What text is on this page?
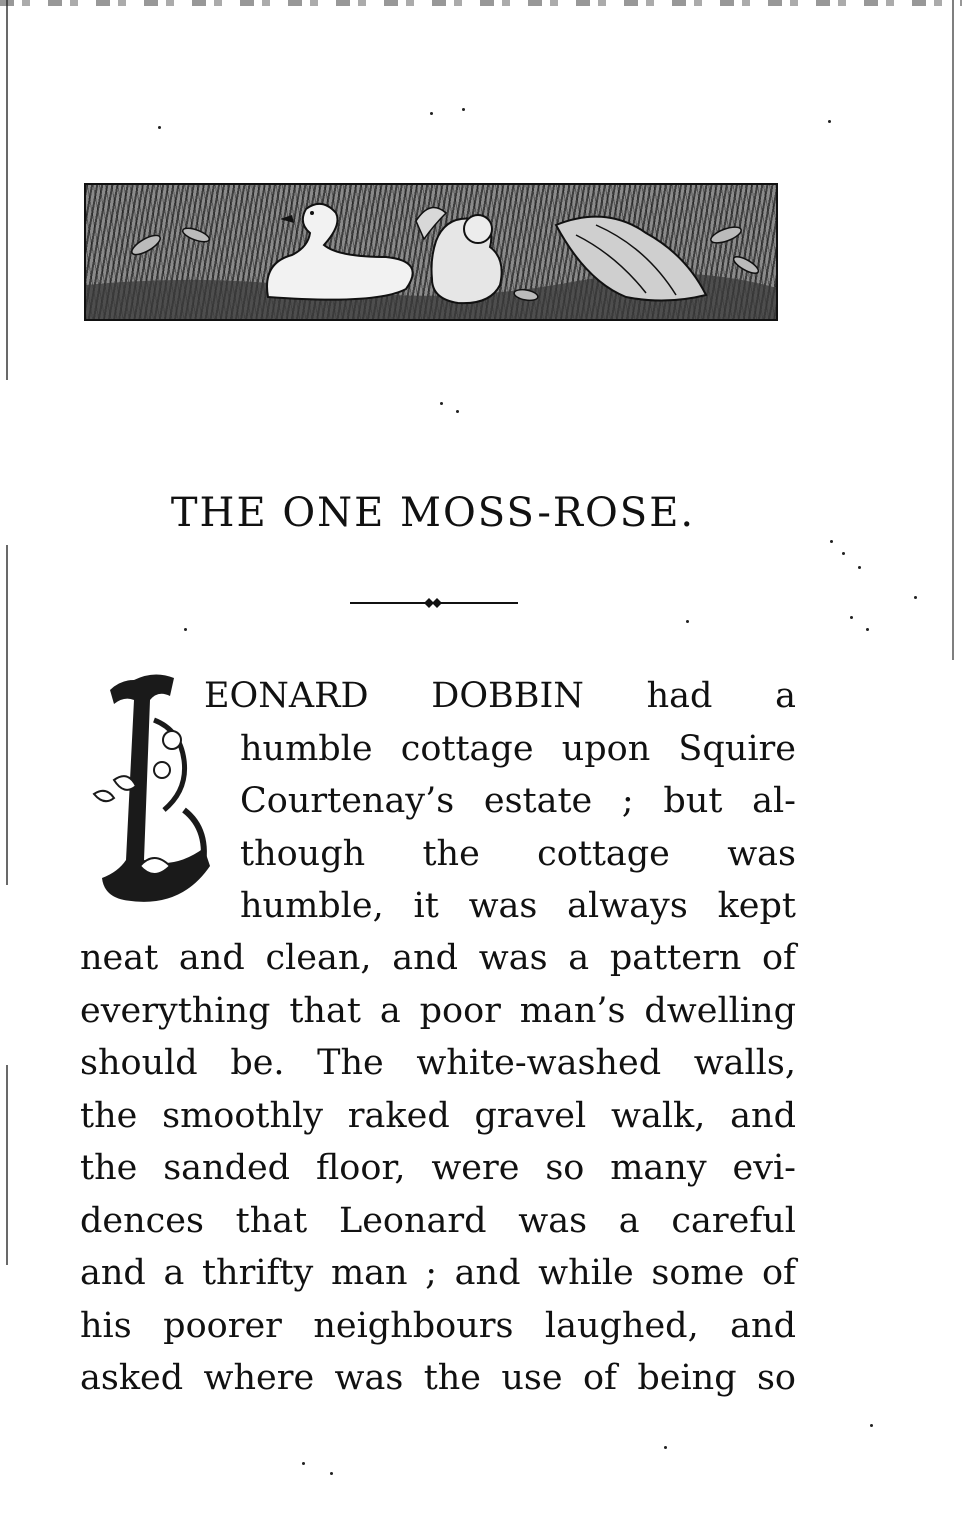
THE ONE MOSS-ROSE.
EONARD DOBBIN had a
humble cottage upon Squire
Courtenay’s estate ; but al-
though the cottage was
humble, it was always kept
neat and clean, and was a pattern of
everything that a poor man’s dwelling
should be. The white-washed walls,
the smoothly raked gravel walk, and
the sanded floor, were so many evi-
dences that Leonard was a careful
and a thrifty man ; and while some of
his poorer neighbours laughed, and
asked where was the use of being so
